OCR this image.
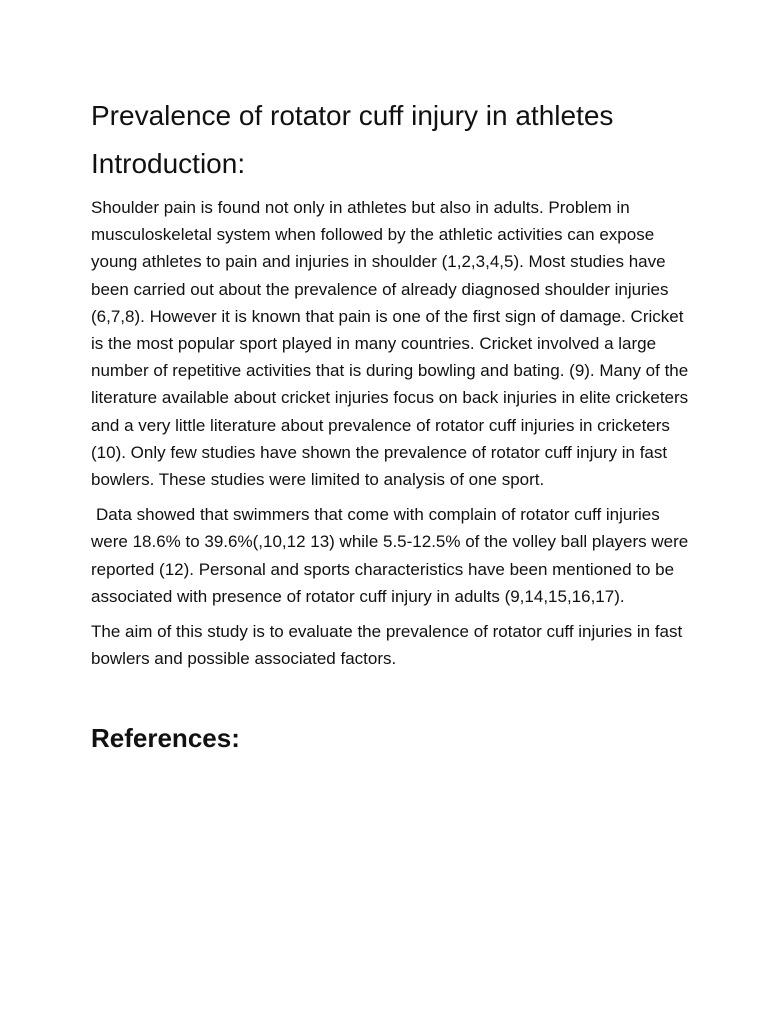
Prevalence of rotator cuff injury in athletes
Introduction:

Shoulder pain is found not only in athletes but also in adults. Problem in musculoskeletal system when followed by the athletic activities can expose young athletes to pain and injuries in shoulder (1,2,3,4,5). Most studies have been carried out about the prevalence of already diagnosed shoulder injuries (6,7,8). However it is known that pain is one of the first sign of damage. Cricket is the most popular sport played in many countries. Cricket involved a large number of repetitive activities that is during bowling and bating. (9). Many of the literature available about cricket injuries focus on back injuries in elite cricketers and a very little literature about prevalence of rotator cuff injuries in cricketers (10). Only few studies have shown the prevalence of rotator cuff injury in fast bowlers. These studies were limited to analysis of one sport.

Data showed that swimmers that come with complain of rotator cuff injuries were 18.6% to 39.6%(,10,12 13) while 5.5-12.5% of the volley ball players were reported (12). Personal and sports characteristics have been mentioned to be associated with presence of rotator cuff injury in adults (9,14,15,16,17).

The aim of this study is to evaluate the prevalence of rotator cuff injuries in fast bowlers and possible associated factors.

References:
